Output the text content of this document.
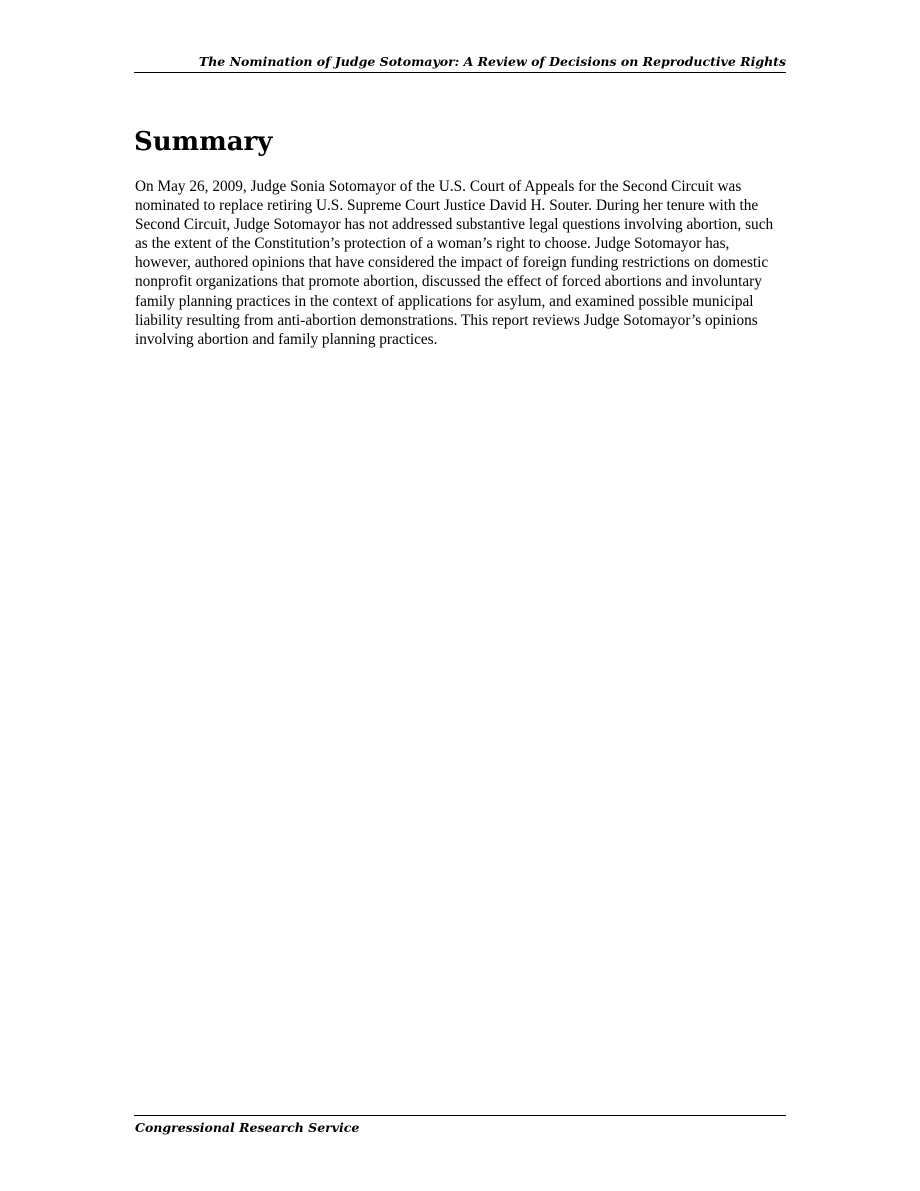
The Nomination of Judge Sotomayor: A Review of Decisions on Reproductive Rights
Summary

On May 26, 2009, Judge Sonia Sotomayor of the U.S. Court of Appeals for the Second Circuit was nominated to replace retiring U.S. Supreme Court Justice David H. Souter. During her tenure with the Second Circuit, Judge Sotomayor has not addressed substantive legal questions involving abortion, such as the extent of the Constitution’s protection of a woman’s right to choose. Judge Sotomayor has, however, authored opinions that have considered the impact of foreign funding restrictions on domestic nonprofit organizations that promote abortion, discussed the effect of forced abortions and involuntary family planning practices in the context of applications for asylum, and examined possible municipal liability resulting from anti-abortion demonstrations. This report reviews Judge Sotomayor’s opinions involving abortion and family planning practices.

Congressional Research Service
